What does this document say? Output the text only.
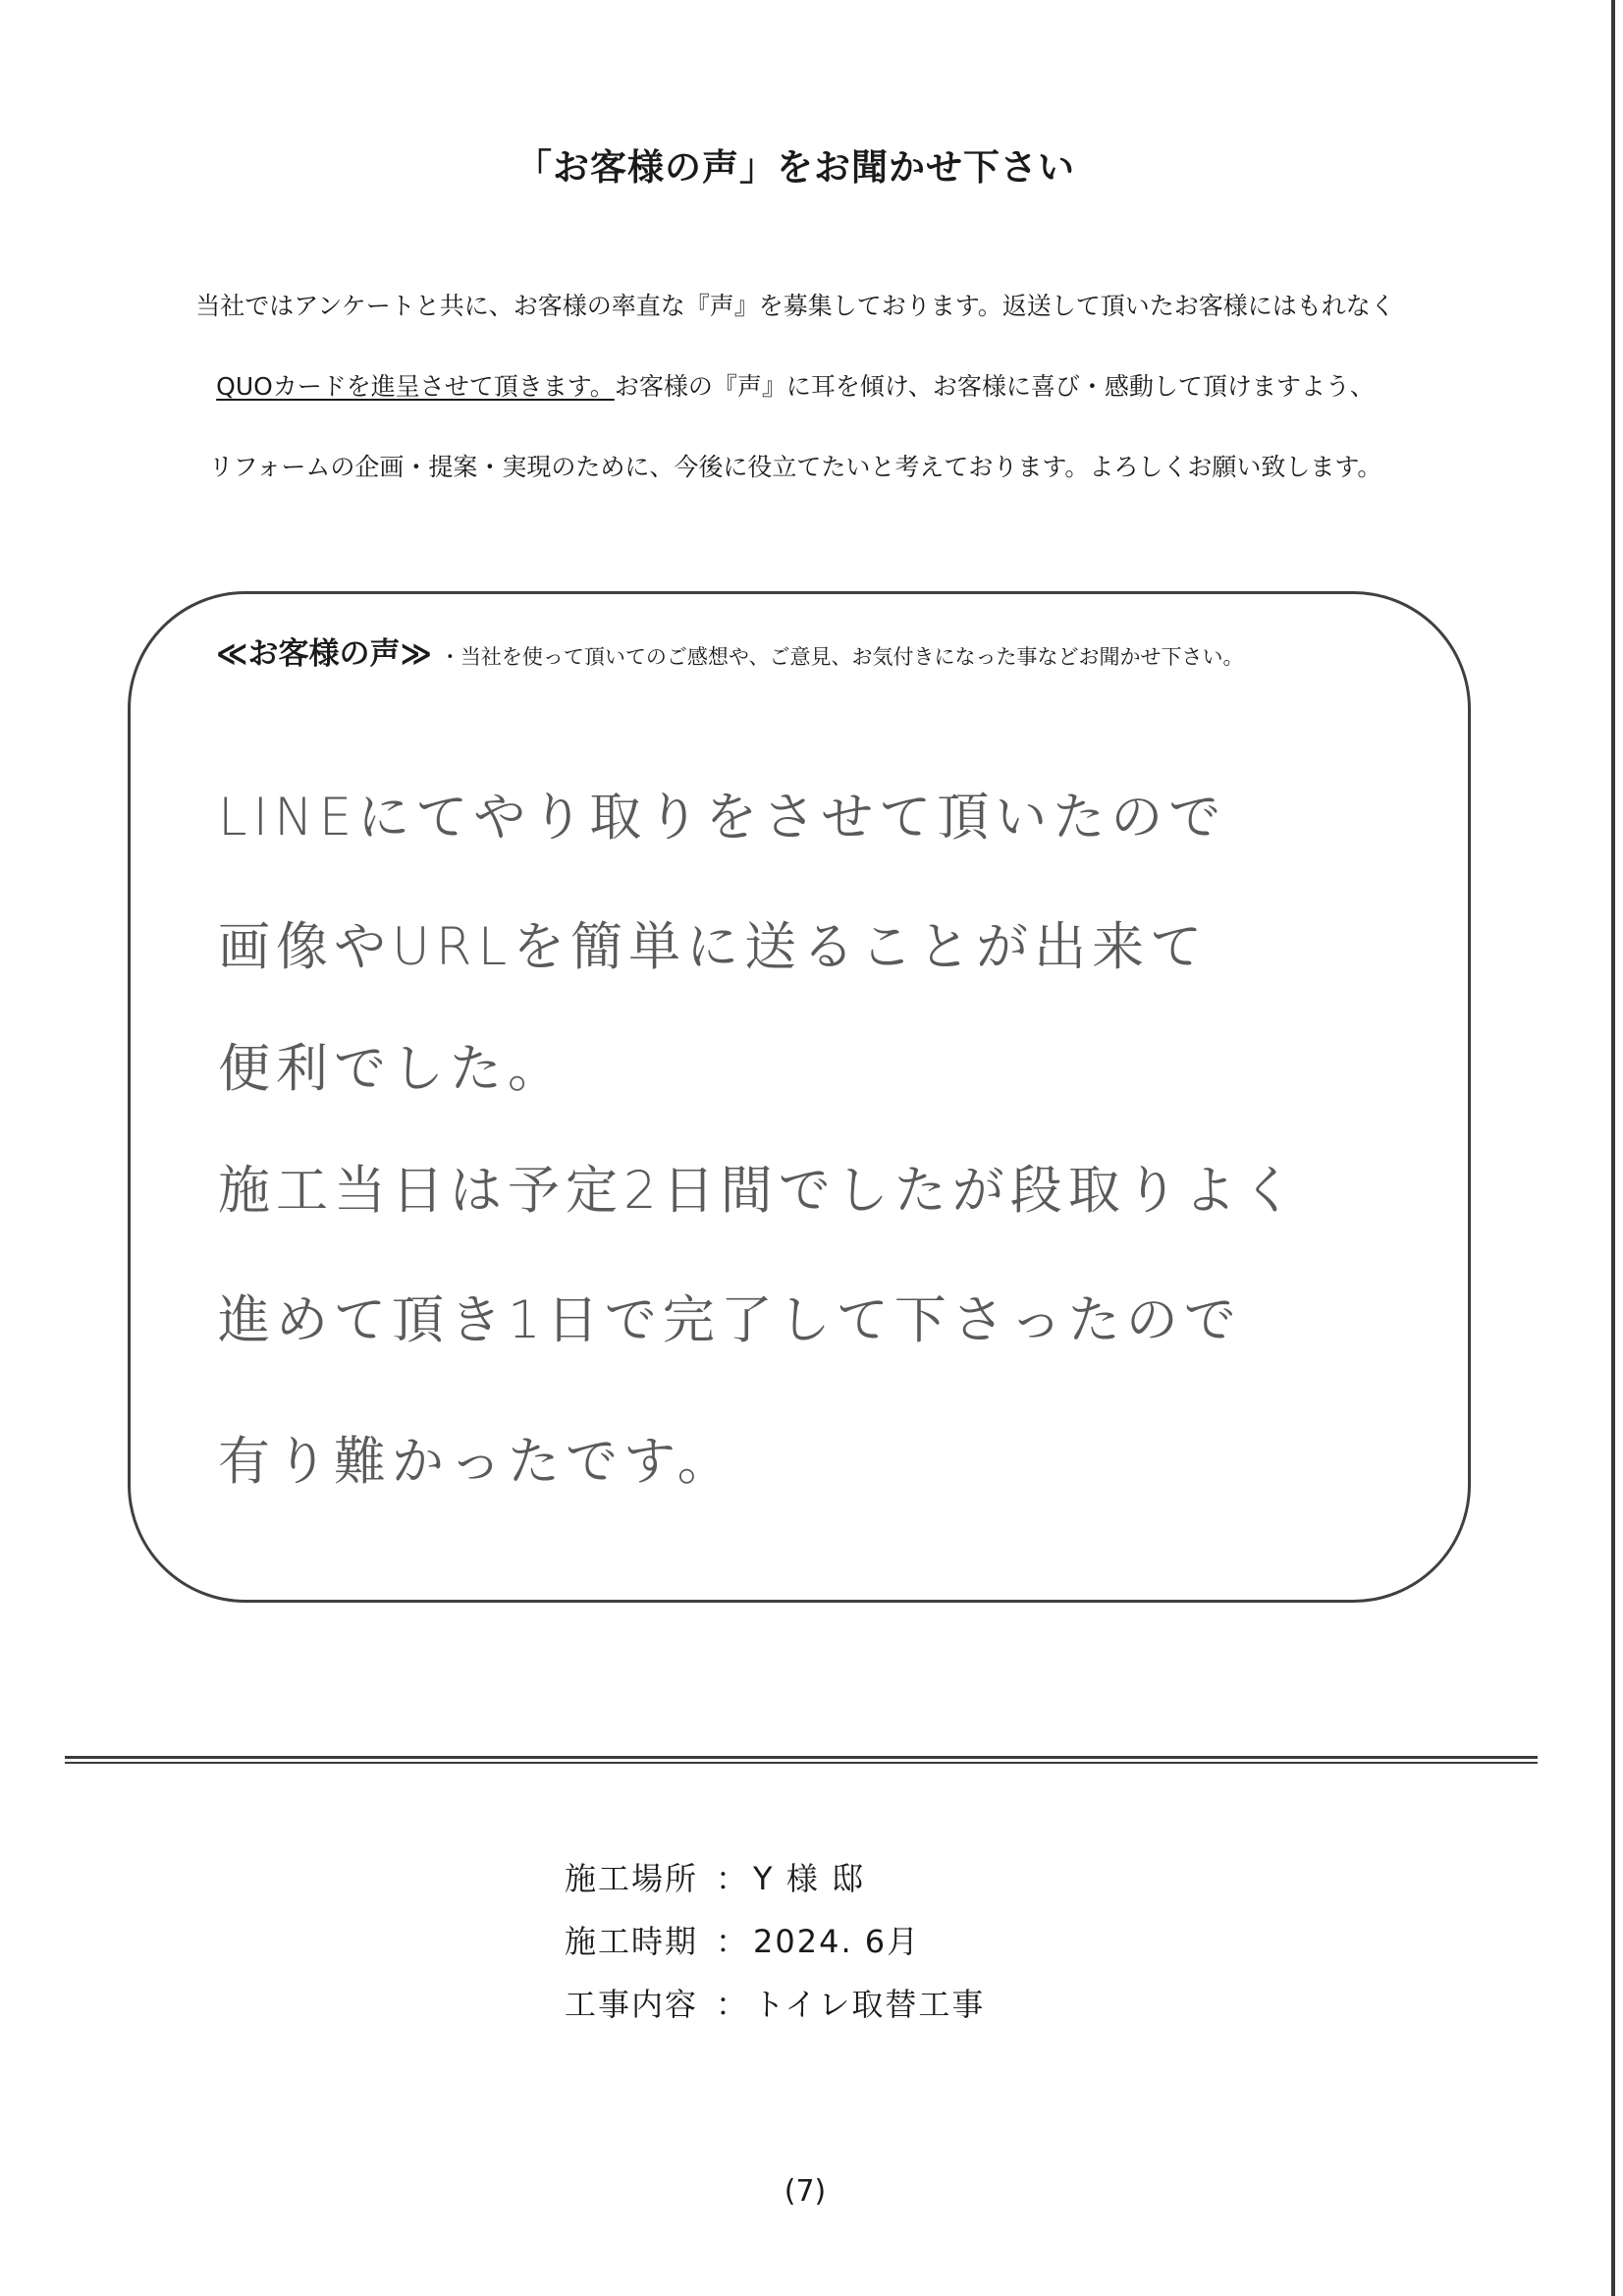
「お客様の声」をお聞かせ下さい
当社ではアンケートと共に、お客様の率直な『声』を募集しております。返送して頂いたお客様にはもれなく
QUOカードを進呈させて頂きます。お客様の『声』に耳を傾け、お客様に喜び・感動して頂けますよう、
リフォームの企画・提案・実現のために、今後に役立てたいと考えております。よろしくお願い致します。
≪お客様の声≫ ・当社を使って頂いてのご感想や、ご意見、お気付きになった事などお聞かせ下さい。
LINEにてやり取りをさせて頂いたので
画像やURLを簡単に送ることが出来て
便利でした。
施工当日は予定2日間でしたが段取りよく
進めて頂き1日で完了して下さったので
有り難かったです。
施工場所 ： Y 様 邸
施工時期 ： 2024. 6月
工事内容 ： トイレ取替工事
(7)
